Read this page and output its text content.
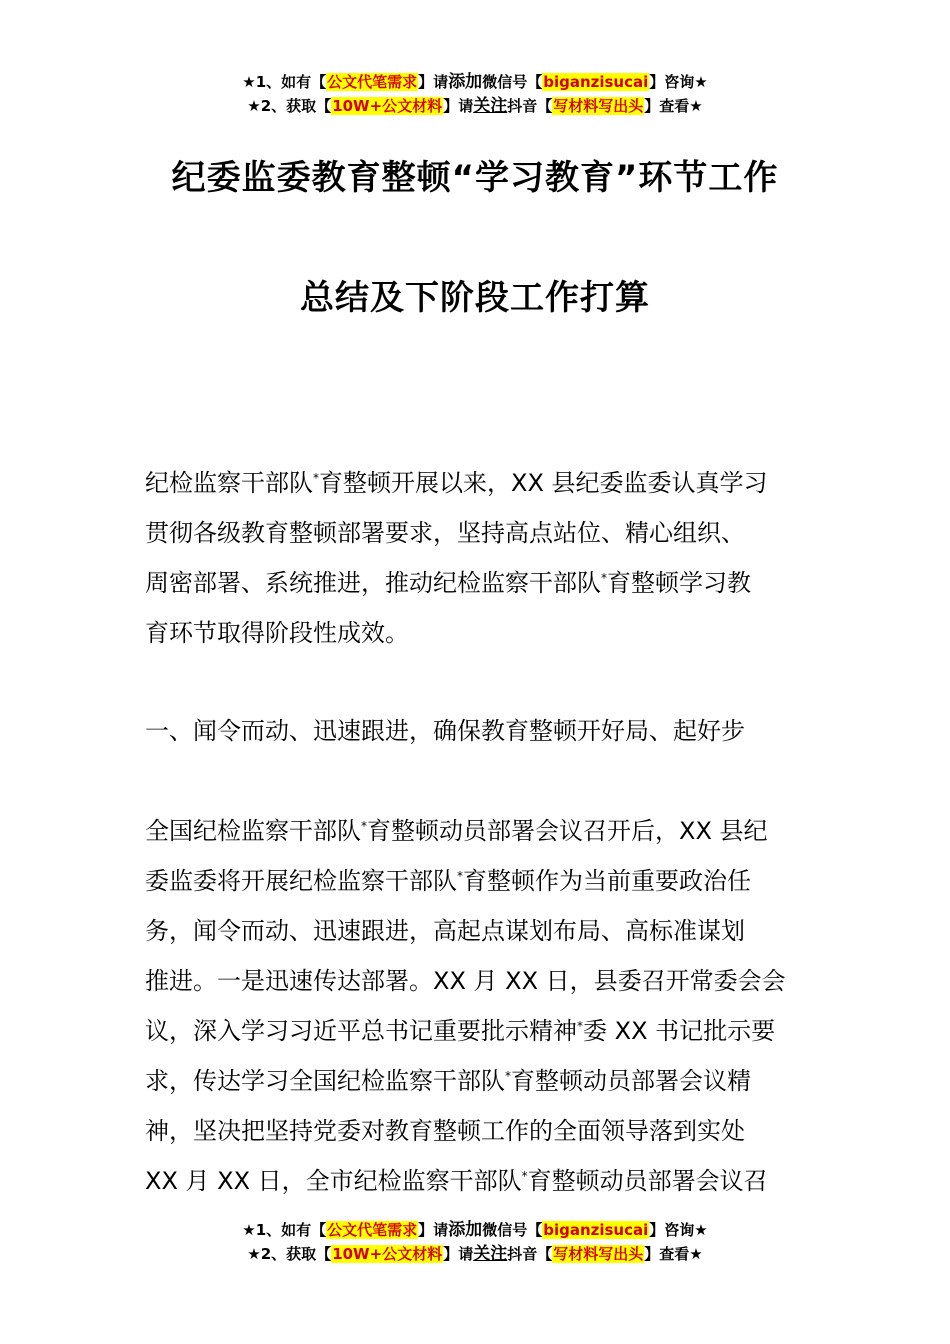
★1、如有【公文代笔需求】请添加微信号【biganzisucai】咨询★
★2、获取【10W+公文材料】请关注抖音【写材料写出头】查看★
纪委监委教育整顿“学习教育”环节工作
总结及下阶段工作打算
纪检监察干部队*育整顿开展以来，XX 县纪委监委认真学习
贯彻各级教育整顿部署要求，坚持高点站位、精心组织、
周密部署、系统推进，推动纪检监察干部队*育整顿学习教
育环节取得阶段性成效。
一、闻令而动、迅速跟进，确保教育整顿开好局、起好步
全国纪检监察干部队*育整顿动员部署会议召开后，XX 县纪
委监委将开展纪检监察干部队*育整顿作为当前重要政治任
务，闻令而动、迅速跟进，高起点谋划布局、高标准谋划
推进。一是迅速传达部署。XX 月 XX 日，县委召开常委会会
议，深入学习习近平总书记重要批示精神*委 XX 书记批示要
求，传达学习全国纪检监察干部队*育整顿动员部署会议精
神，坚决把坚持党委对教育整顿工作的全面领导落到实处
XX 月 XX 日，全市纪检监察干部队*育整顿动员部署会议召
★1、如有【公文代笔需求】请添加微信号【biganzisucai】咨询★
★2、获取【10W+公文材料】请关注抖音【写材料写出头】查看★
